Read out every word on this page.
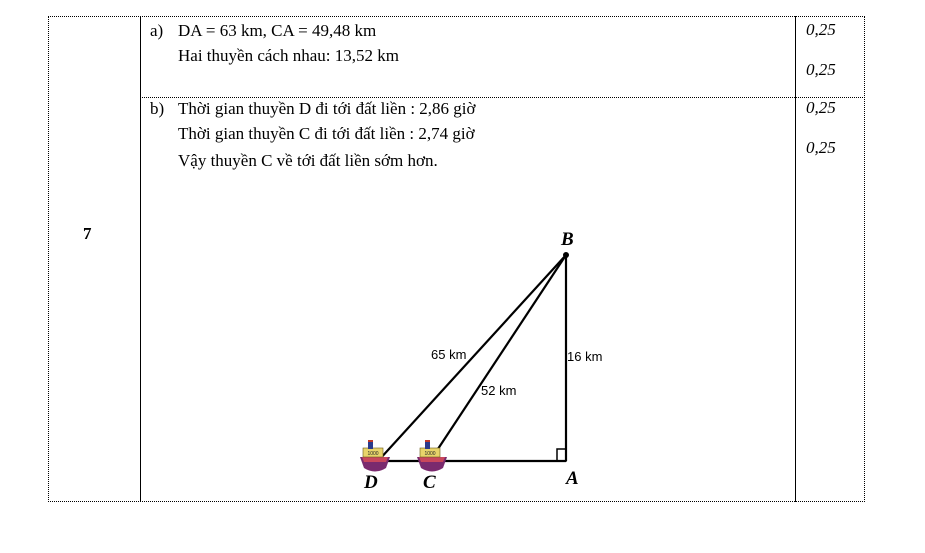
7
a) DA = 63 km, CA = 49,48 km
Hai thuyền cách nhau: 13,52 km
0,25
0,25
b) Thời gian thuyền D đi tới đất liền : 2,86 giờ
Thời gian thuyền C đi tới đất liền : 2,74 giờ
Vậy thuyền C về tới đất liền sớm hơn.
0,25
0,25
1000	1000
B
A
D C
65 km
52 km
16 km
